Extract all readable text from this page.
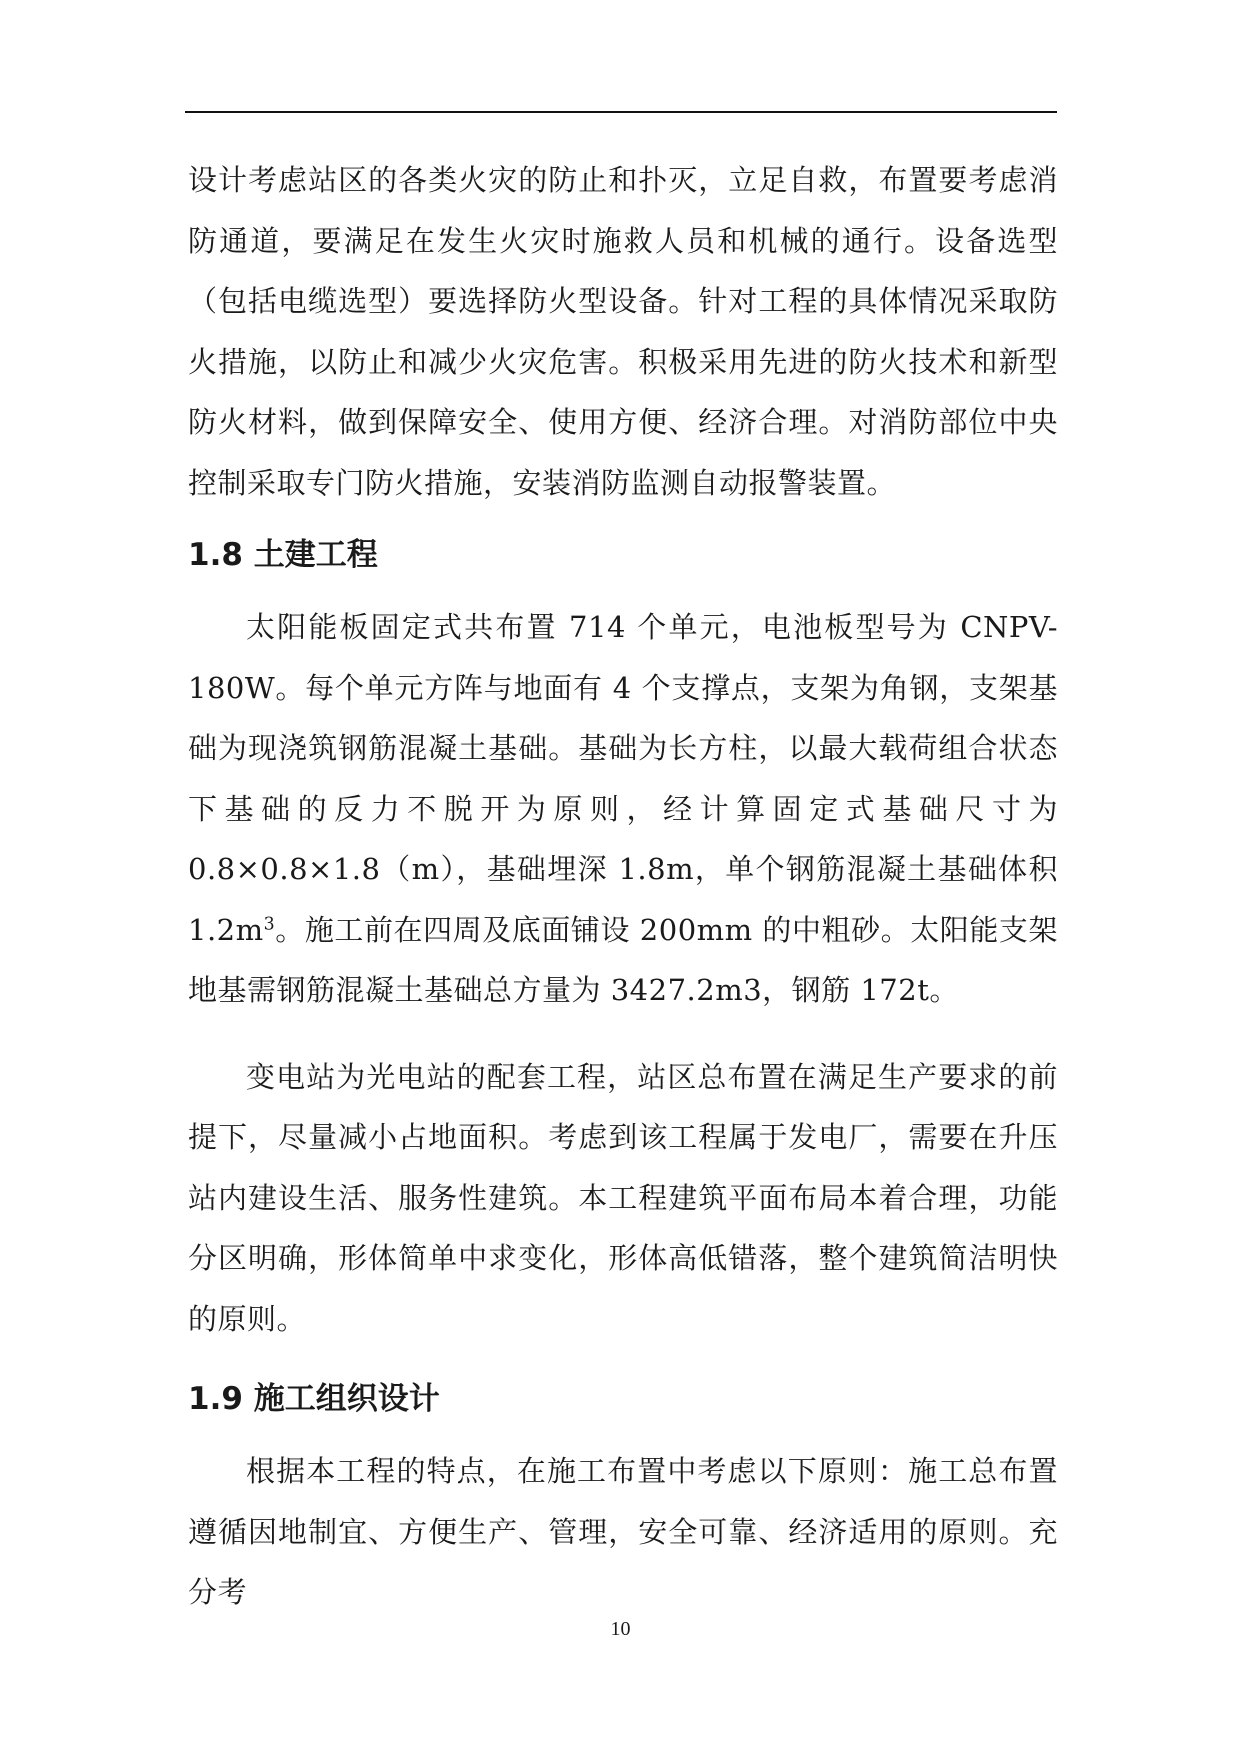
设计考虑站区的各类火灾的防止和扑灭，立足自救，布置要考虑消防通道，要满足在发生火灾时施救人员和机械的通行。设备选型（包括电缆选型）要选择防火型设备。针对工程的具体情况采取防火措施，以防止和减少火灾危害。积极采用先进的防火技术和新型防火材料，做到保障安全、使用方便、经济合理。对消防部位中央控制采取专门防火措施，安装消防监测自动报警装置。

1.8 土建工程

太阳能板固定式共布置 714 个单元，电池板型号为 CNPV-180W。每个单元方阵与地面有 4 个支撑点，支架为角钢，支架基础为现浇筑钢筋混凝土基础。基础为长方柱，以最大载荷组合状态下基础的反力不脱开为原则，经计算固定式基础尺寸为 0.8×0.8×1.8（m），基础埋深 1.8m，单个钢筋混凝土基础体积 $1.2m^3$。施工前在四周及底面铺设 200mm 的中粗砂。太阳能支架地基需钢筋混凝土基础总方量为 3427.2m3，钢筋 172t。

变电站为光电站的配套工程，站区总布置在满足生产要求的前提下，尽量减小占地面积。考虑到该工程属于发电厂，需要在升压站内建设生活、服务性建筑。本工程建筑平面布局本着合理，功能分区明确，形体简单中求变化，形体高低错落，整个建筑简洁明快的原则。

1.9 施工组织设计

根据本工程的特点，在施工布置中考虑以下原则：施工总布置遵循因地制宜、方便生产、管理，安全可靠、经济适用的原则。充分考

10
